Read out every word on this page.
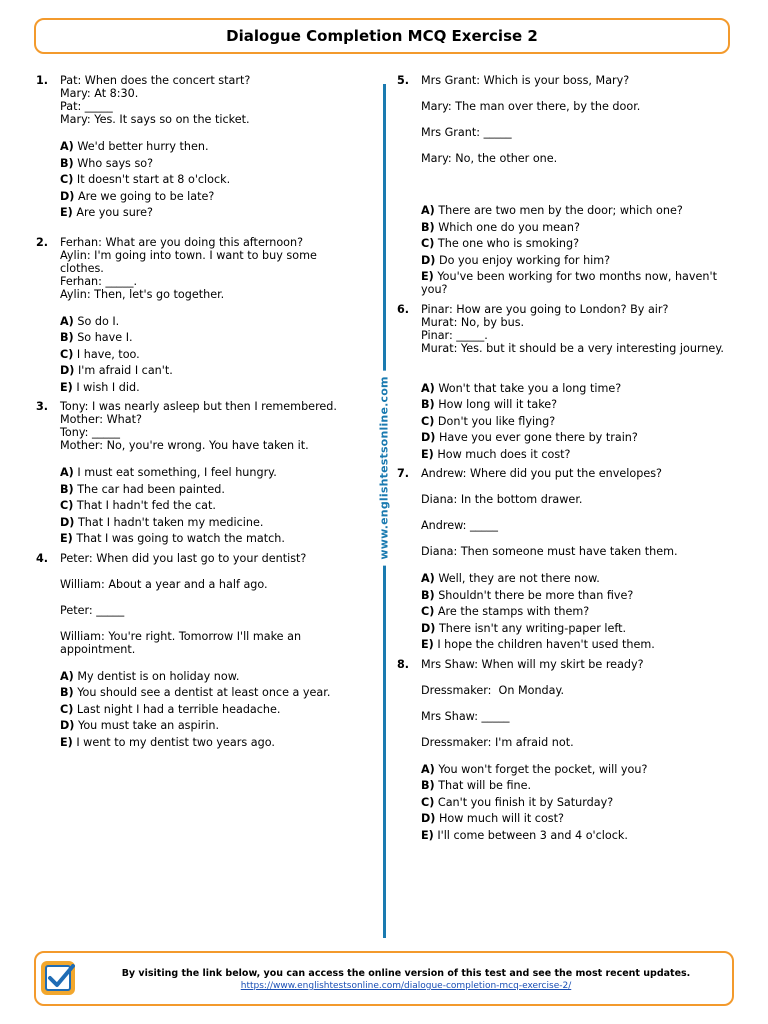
Dialogue Completion MCQ Exercise 2
1.	Pat: When does the concert start?
Mary: At 8:30.
Pat: _____
Mary: Yes. It says so on the ticket.
A) We'd better hurry then.
B) Who says so?
C) It doesn't start at 8 o'clock.
D) Are we going to be late?
E) Are you sure?
2.	Ferhan: What are you doing this afternoon?
Aylin: I'm going into town. I want to buy some clothes.
Ferhan: _____.
Aylin: Then, let's go together.
A) So do I.
B) So have I.
C) I have, too.
D) I'm afraid I can't.
E) I wish I did.
3.	Tony: I was nearly asleep but then I remembered.
Mother: What?
Tony: _____
Mother: No, you're wrong. You have taken it.
A) I must eat something, I feel hungry.
B) The car had been painted.
C) That I hadn't fed the cat.
D) That I hadn't taken my medicine.
E) That I was going to watch the match.
4.	Peter: When did you last go to your dentist?
William: About a year and a half ago.
Peter: _____
William: You're right. Tomorrow I'll make an appointment.
A) My dentist is on holiday now.
B) You should see a dentist at least once a year.
C) Last night I had a terrible headache.
D) You must take an aspirin.
E) I went to my dentist two years ago.
www.englishtestsonline.com
5.	Mrs Grant: Which is your boss, Mary?
Mary: The man over there, by the door.
Mrs Grant: _____
Mary: No, the other one.
A) There are two men by the door; which one?
B) Which one do you mean?
C) The one who is smoking?
D) Do you enjoy working for him?
E) You've been working for two months now, haven't you?
6.	Pinar: How are you going to London? By air?
Murat: No, by bus.
Pinar: _____.
Murat: Yes. but it should be a very interesting journey.
A) Won't that take you a long time?
B) How long will it take?
C) Don't you like flying?
D) Have you ever gone there by train?
E) How much does it cost?
7.	Andrew: Where did you put the envelopes?
Diana: In the bottom drawer.
Andrew: _____
Diana: Then someone must have taken them.
A) Well, they are not there now.
B) Shouldn't there be more than five?
C) Are the stamps with them?
D) There isn't any writing-paper left.
E) I hope the children haven't used them.
8.	Mrs Shaw: When will my skirt be ready?
Dressmaker:  On Monday.
Mrs Shaw: _____
Dressmaker: I'm afraid not.
A) You won't forget the pocket, will you?
B) That will be fine.
C) Can't you finish it by Saturday?
D) How much will it cost?
E) I'll come between 3 and 4 o'clock.
By visiting the link below, you can access the online version of this test and see the most recent updates.
https://www.englishtestsonline.com/dialogue-completion-mcq-exercise-2/
